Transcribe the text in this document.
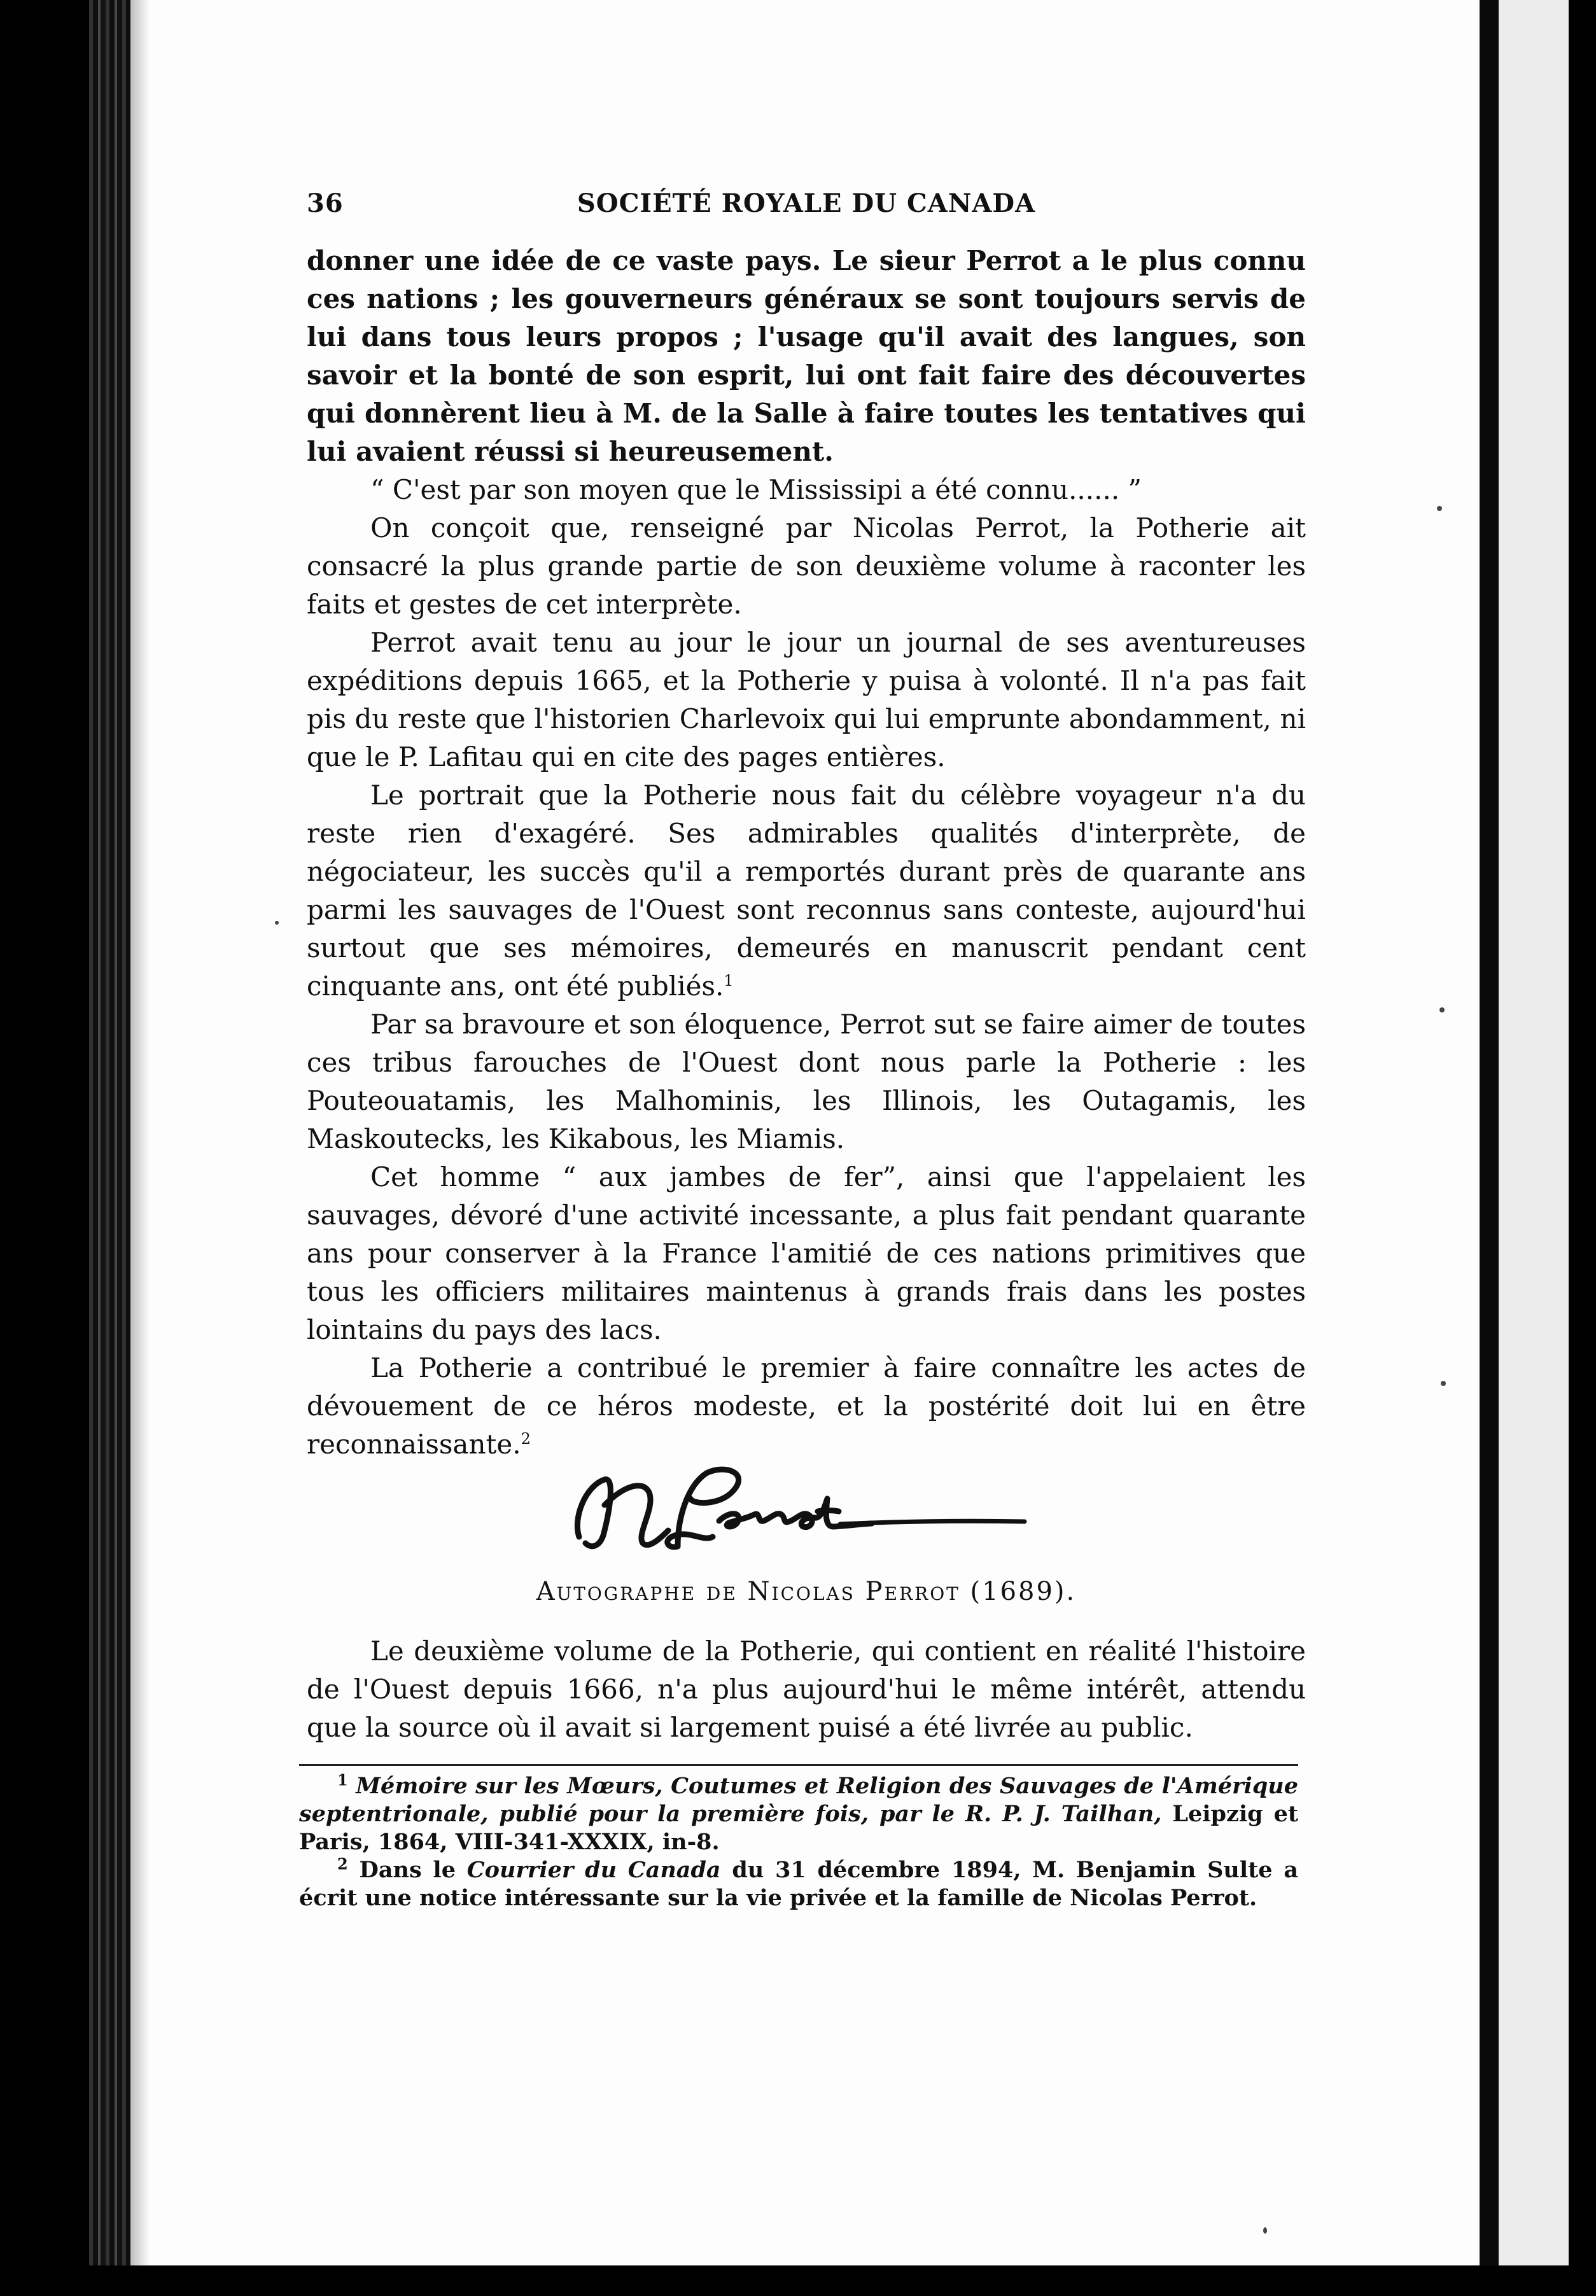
36	SOCIÉTÉ ROYALE DU CANADA

donner une idée de ce vaste pays. Le sieur Perrot a le plus connu ces nations ; les gouverneurs généraux se sont toujours servis de lui dans tous leurs propos ; l'usage qu'il avait des langues, son savoir et la bonté de son esprit, lui ont fait faire des découvertes qui donnèrent lieu à M. de la Salle à faire toutes les tentatives qui lui avaient réussi si heureusement.

“ C'est par son moyen que le Mississipi a été connu...... ”

On conçoit que, renseigné par Nicolas Perrot, la Potherie ait consacré la plus grande partie de son deuxième volume à raconter les faits et gestes de cet interprète.

Perrot avait tenu au jour le jour un journal de ses aventureuses expéditions depuis 1665, et la Potherie y puisa à volonté. Il n'a pas fait pis du reste que l'historien Charlevoix qui lui emprunte abondamment, ni que le P. Lafitau qui en cite des pages entières.

Le portrait que la Potherie nous fait du célèbre voyageur n'a du reste rien d'exagéré. Ses admirables qualités d'interprète, de négociateur, les succès qu'il a remportés durant près de quarante ans parmi les sauvages de l'Ouest sont reconnus sans conteste, aujourd'hui surtout que ses mémoires, demeurés en manuscrit pendant cent cinquante ans, ont été publiés.$^1$

Par sa bravoure et son éloquence, Perrot sut se faire aimer de toutes ces tribus farouches de l'Ouest dont nous parle la Potherie : les Pouteouatamis, les Malhominis, les Illinois, les Outagamis, les Maskoutecks, les Kikabous, les Miamis.

Cet homme “ aux jambes de fer”, ainsi que l'appelaient les sauvages, dévoré d'une activité incessante, a plus fait pendant quarante ans pour conserver à la France l'amitié de ces nations primitives que tous les officiers militaires maintenus à grands frais dans les postes lointains du pays des lacs.

La Potherie a contribué le premier à faire connaître les actes de dévouement de ce héros modeste, et la postérité doit lui en être reconnaissante.$^2$

Autographe de Nicolas Perrot (1689).

Le deuxième volume de la Potherie, qui contient en réalité l'histoire de l'Ouest depuis 1666, n'a plus aujourd'hui le même intérêt, attendu que la source où il avait si largement puisé a été livrée au public.

$^1$ Mémoire sur les Mœurs, Coutumes et Religion des Sauvages de l'Amérique septentrionale, publié pour la première fois, par le R. P. J. Tailhan, Leipzig et Paris, 1864, VIII-341-XXXIX, in-8.

$^2$ Dans le Courrier du Canada du 31 décembre 1894, M. Benjamin Sulte a écrit une notice intéressante sur la vie privée et la famille de Nicolas Perrot.
